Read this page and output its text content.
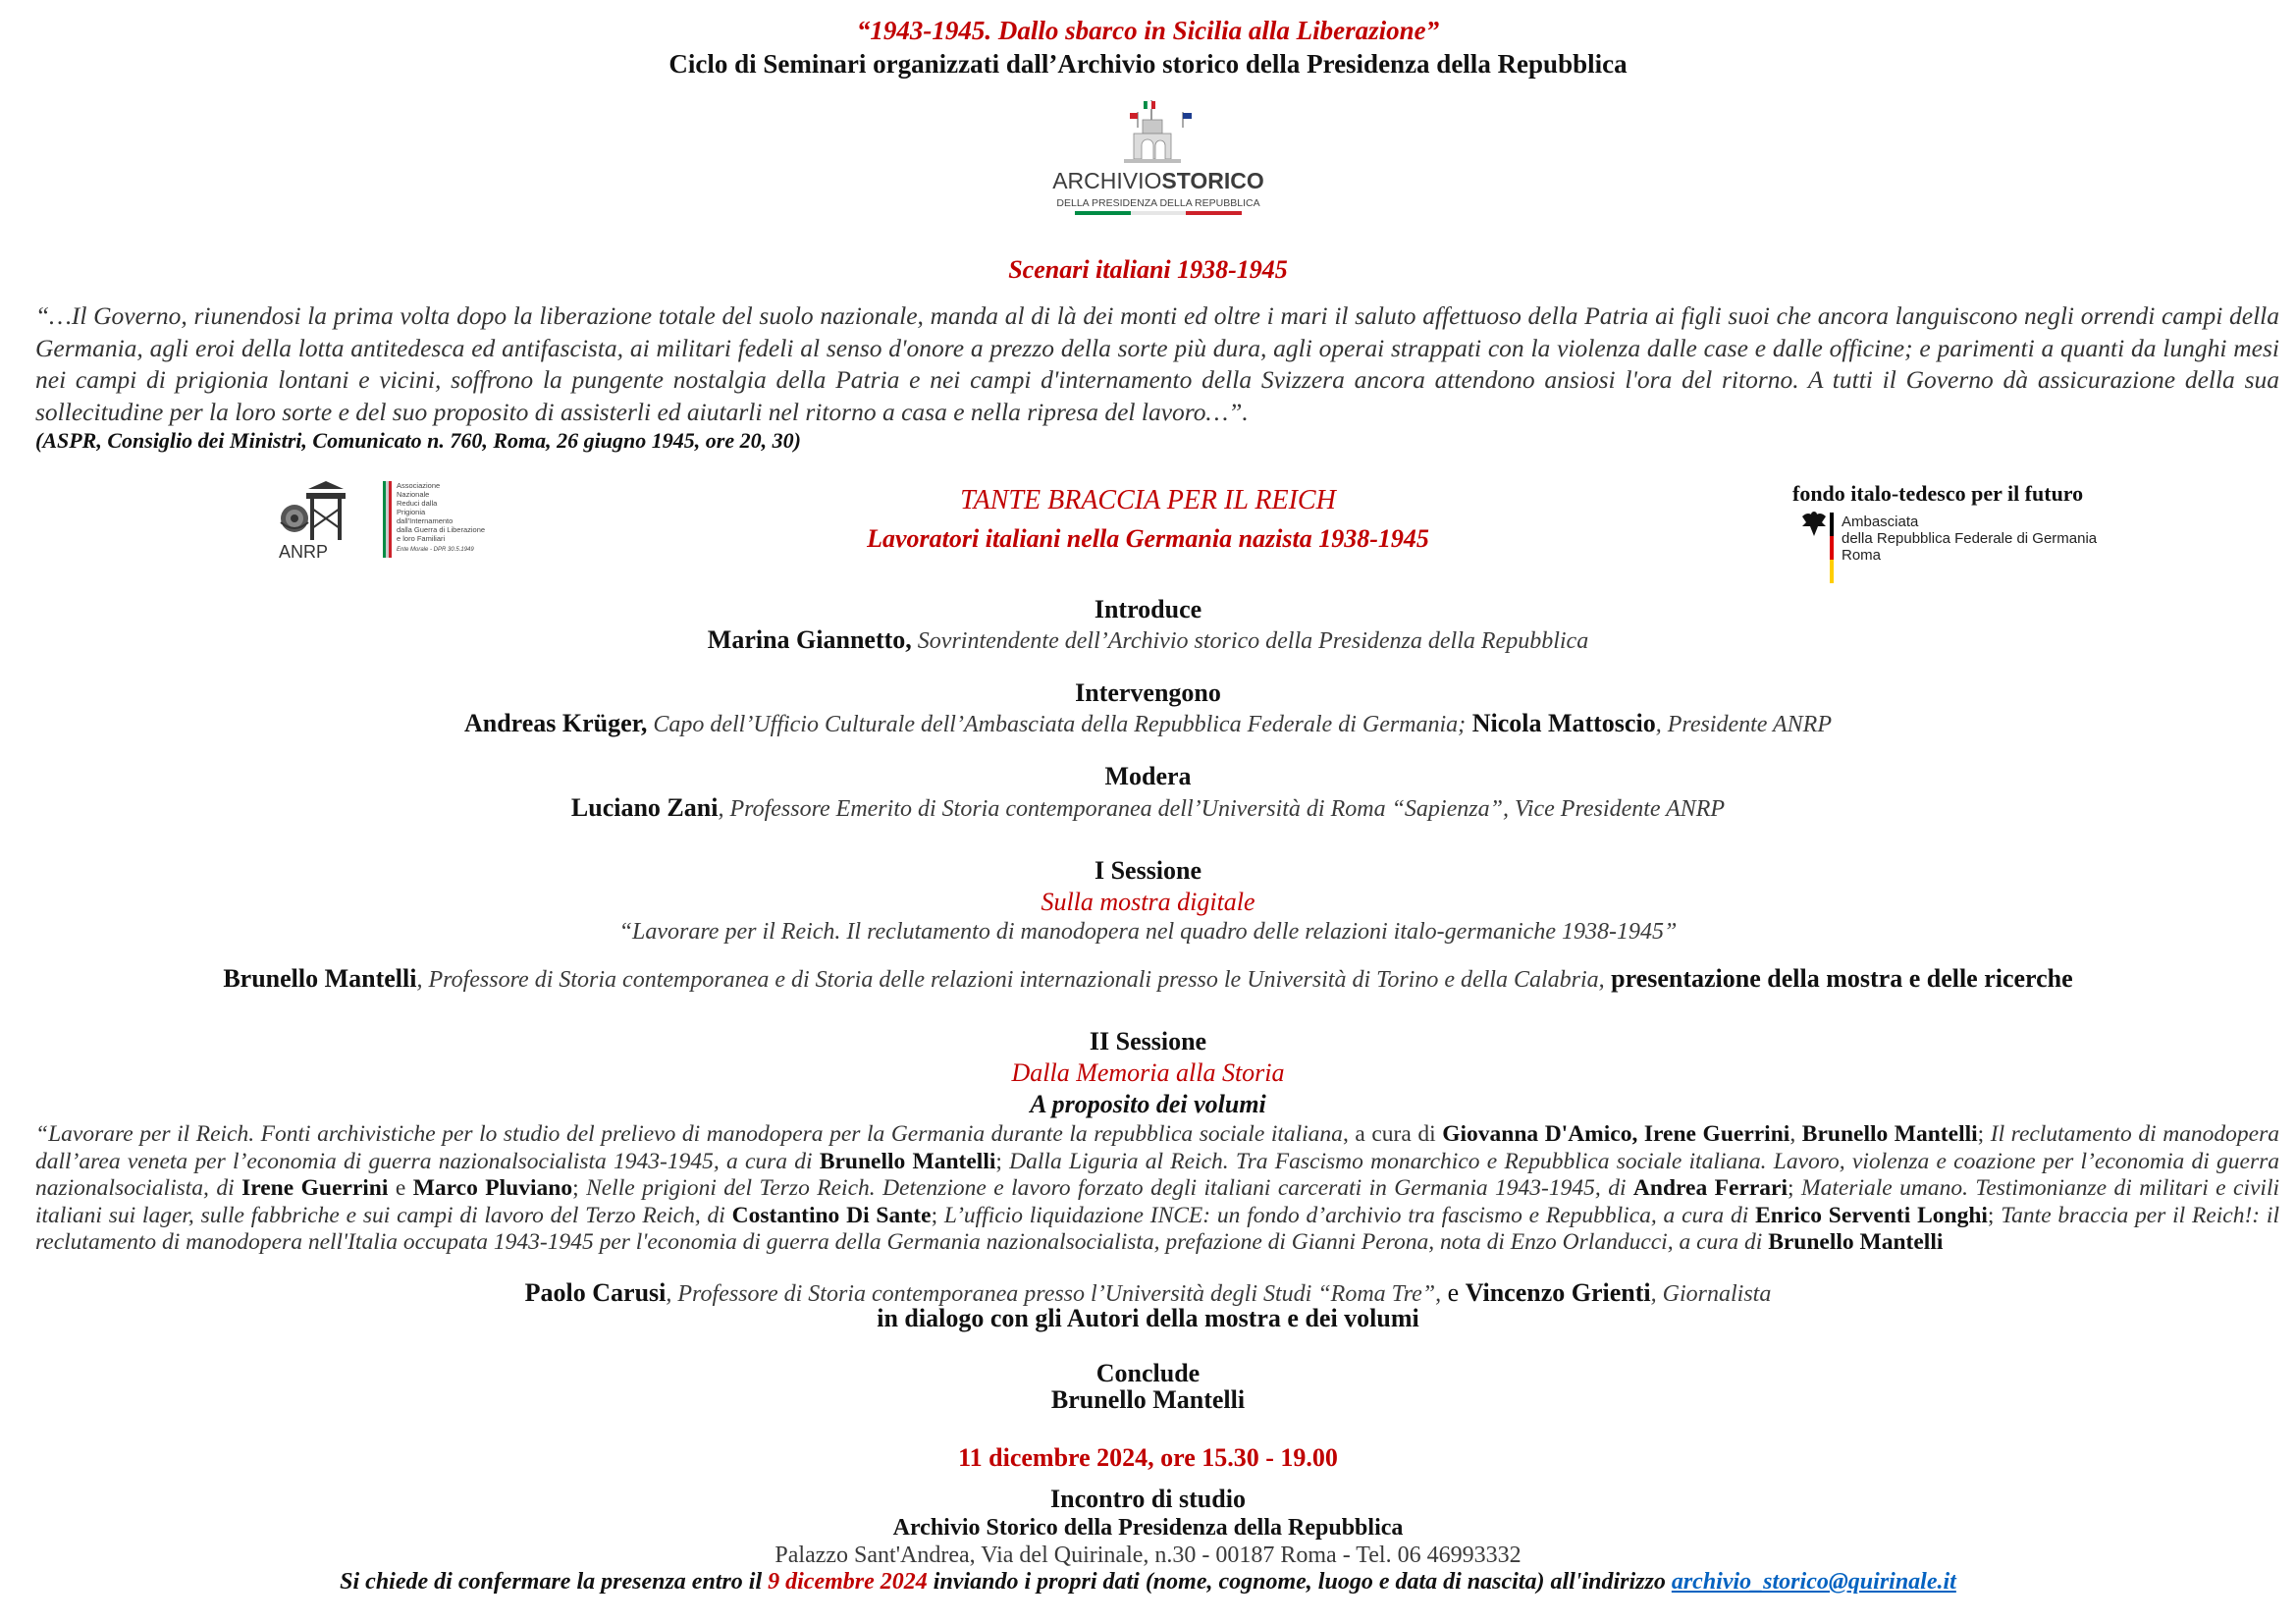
“1943-1945. Dallo sbarco in Sicilia alla Liberazione”
Ciclo di Seminari organizzati dall’Archivio storico della Presidenza della Repubblica
ARCHIVIOSTORICO
DELLA PRESIDENZA DELLA REPUBBLICA
Scenari italiani 1938-1945
“…Il Governo, riunendosi la prima volta dopo la liberazione totale del suolo nazionale, manda al di là dei monti ed oltre i mari il saluto affettuoso della Patria ai figli suoi che ancora languiscono negli orrendi campi della Germania, agli eroi della lotta antitedesca ed antifascista, ai militari fedeli al senso d'onore a prezzo della sorte più dura, agli operai strappati con la violenza dalle case e dalle officine; e parimenti a quanti da lunghi mesi nei campi di prigionia lontani e vicini, soffrono la pungente nostalgia della Patria e nei campi d'internamento della Svizzera ancora attendono ansiosi l'ora del ritorno. A tutti il Governo dà assicurazione della sua sollecitudine per la loro sorte e del suo proposito di assisterli ed aiutarli nel ritorno a casa e nella ripresa del lavoro…”.
(ASPR, Consiglio dei Ministri, Comunicato n. 760, Roma, 26 giugno 1945, ore 20, 30)
ANRP
Associazione
Nazionale
Reduci dalla
Prigionia
dall'Internamento
dalla Guerra di Liberazione
e loro Familiari
Ente Morale - DPR 30.5.1949
TANTE BRACCIA PER IL REICH
Lavoratori italiani nella Germania nazista 1938-1945
fondo italo-tedesco per il futuro
Ambasciata
della Repubblica Federale di Germania
Roma
Introduce
Marina Giannetto, Sovrintendente dell’Archivio storico della Presidenza della Repubblica
Intervengono
Andreas Krüger, Capo dell’Ufficio Culturale dell’Ambasciata della Repubblica Federale di Germania; Nicola Mattoscio, Presidente ANRP
Modera
Luciano Zani, Professore Emerito di Storia contemporanea dell’Università di Roma “Sapienza”, Vice Presidente ANRP
I Sessione
Sulla mostra digitale
“Lavorare per il Reich. Il reclutamento di manodopera nel quadro delle relazioni italo-germaniche 1938-1945”
Brunello Mantelli, Professore di Storia contemporanea e di Storia delle relazioni internazionali presso le Università di Torino e della Calabria, presentazione della mostra e delle ricerche
II Sessione
Dalla Memoria alla Storia
A proposito dei volumi
“Lavorare per il Reich. Fonti archivistiche per lo studio del prelievo di manodopera per la Germania durante la repubblica sociale italiana, a cura di Giovanna D'Amico, Irene Guerrini, Brunello Mantelli; Il reclutamento di manodopera dall’area veneta per l’economia di guerra nazionalsocialista 1943-1945, a cura di Brunello Mantelli; Dalla Liguria al Reich. Tra Fascismo monarchico e Repubblica sociale italiana. Lavoro, violenza e coazione per l’economia di guerra nazionalsocialista, di Irene Guerrini e Marco Pluviano; Nelle prigioni del Terzo Reich. Detenzione e lavoro forzato degli italiani carcerati in Germania 1943-1945, di Andrea Ferrari; Materiale umano. Testimonianze di militari e civili italiani sui lager, sulle fabbriche e sui campi di lavoro del Terzo Reich, di Costantino Di Sante; L’ufficio liquidazione INCE: un fondo d’archivio tra fascismo e Repubblica, a cura di Enrico Serventi Longhi; Tante braccia per il Reich!: il reclutamento di manodopera nell'Italia occupata 1943-1945 per l'economia di guerra della Germania nazionalsocialista, prefazione di Gianni Perona, nota di Enzo Orlanducci, a cura di Brunello Mantelli
Paolo Carusi, Professore di Storia contemporanea presso l’Università degli Studi “Roma Tre”, e Vincenzo Grienti, Giornalista
in dialogo con gli Autori della mostra e dei volumi
Conclude
Brunello Mantelli
11 dicembre 2024, ore 15.30 - 19.00
Incontro di studio
Archivio Storico della Presidenza della Repubblica
Palazzo Sant'Andrea, Via del Quirinale, n.30 - 00187 Roma - Tel. 06 46993332
Si chiede di confermare la presenza entro il 9 dicembre 2024 inviando i propri dati (nome, cognome, luogo e data di nascita) all'indirizzo archivio_storico@quirinale.it
